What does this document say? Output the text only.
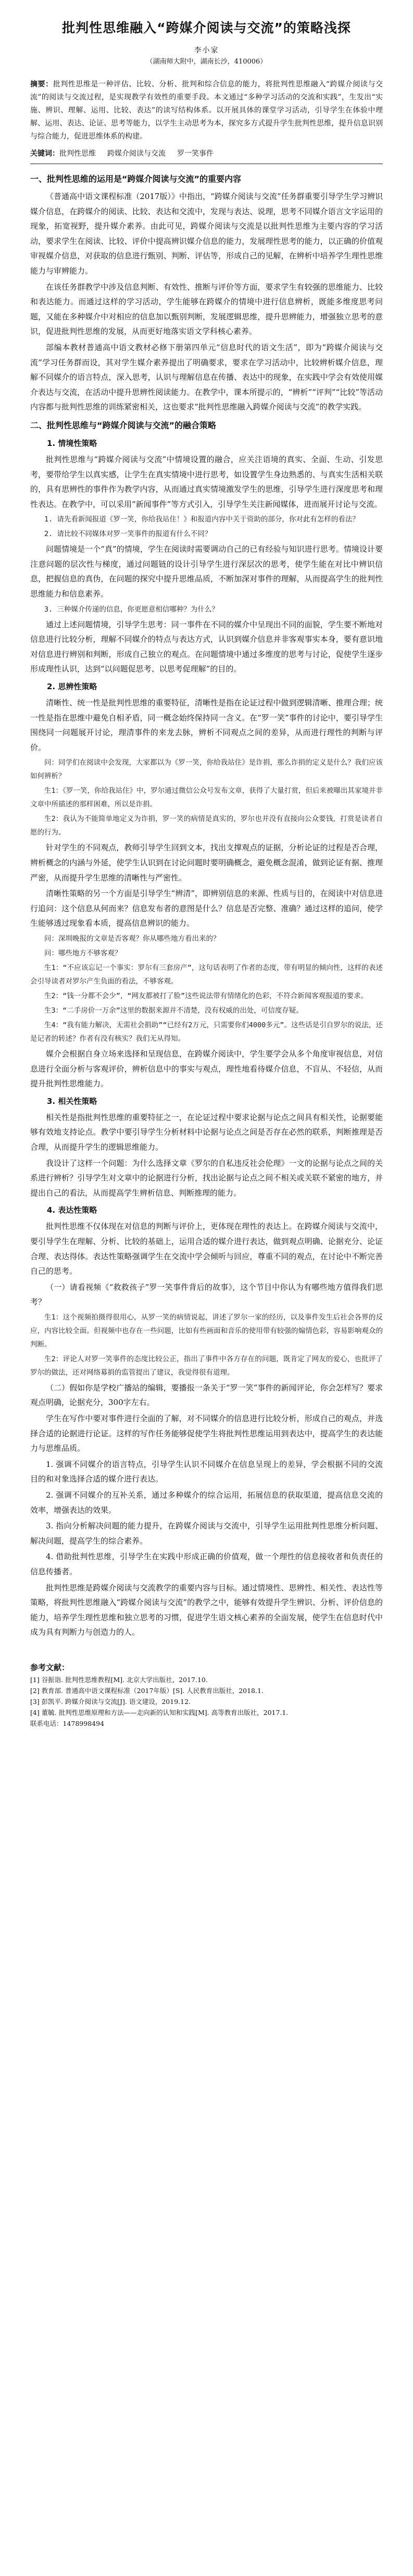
批判性思维融入“跨媒介阅读与交流”的策略浅探
李小家
（湖南师大附中，湖南长沙，410006）
摘要：批判性思维是一种评估、比较、分析、批判和综合信息的能力，将批判性思维融入“跨媒介阅读与交流”的阅读与交流过程，是实现教学有效性的重要手段。本文通过“多种学习活动的交流和实践”，生发出“实施、辨识、理解、运用、比较、表达”的读写结构体系。以开展具体的课堂学习活动，引导学生在体验中理解、运用、表达、论证、思考等能力，以学生主动思考为本，探究多方式提升学生批判性思维，提升信息识别与综合能力，促进思维体系的构建。
关键词：批判性思维 跨媒介阅读与交流 罗一笑事件
一、批判性思维的运用是“跨媒介阅读与交流”的重要内容

《普通高中语文课程标准（2017版）》中指出，“跨媒介阅读与交流”任务群重要引导学生学习辨识媒介信息，在跨媒介的阅读、比较、表达和交流中，发现与表达、说理，思考不同媒介语言文字运用的现象，拓宽视野，提升媒介素养。由此可见，跨媒介阅读与交流是以批判性思维为主要内容的学习活动，要求学生在阅读、比较、评价中提高辨识媒介信息的能力，发展理性思考的能力，以正确的价值观审视媒介信息，对获取的信息进行甄别、判断、评估等，形成自己的见解，在辨析中培养学生理性思维能力与审辨能力。

在该任务群教学中涉及信息判断、有效性、推断与评价等方面，要求学生有较强的思维能力、比较和表达能力。而通过这样的学习活动，学生能够在跨媒介的情境中进行信息辨析，既能多维度思考问题，又能在多种媒介中对相应的信息加以甄别判断，发展逻辑思维，提升思辨能力，增强独立思考的意识，促进批判性思维的发展，从而更好地落实语文学科核心素养。

部编本教材普通高中语文教材必修下册第四单元“信息时代的语文生活”，即为“跨媒介阅读与交流”学习任务群而设，其对学生媒介素养提出了明确要求，要求在学习活动中，比较辨析媒介信息，理解不同媒介的语言特点，深入思考，认识与理解信息在传播、表达中的现象，在实践中学会有效使用媒介表达与交流，在活动中提升思辨性阅读能力。在教学中，课本所提示的，“辨析”“评判”“比较”等活动内容都与批判性思维的训练紧密相关，这也要求“批判性思维融入跨媒介阅读与交流”的教学实践。

二、批判性思维与“跨媒介阅读与交流”的融合策略
1. 情境性策略

批判性思维与“跨媒介阅读与交流”中情境设置的融合，应关注语境的真实、全面、生动、引发思考，要带给学生以真实感，让学生在真实情境中进行思考，如设置学生身边熟悉的、与真实生活相关联的，具有思辨性的事件作为教学内容，从而通过真实情境激发学生的思维，引导学生进行深度思考和理性表达。在教学中，可以采用“新闻事件”等方式引入，引导学生关注新闻媒体，进而展开讨论与交流。

1. 请先看新闻报道《罗一笑，你给我站住！》和报道内容中关于资助的部分，你对此有怎样的看法？

2. 请比较不同媒体对罗一笑事件的报道有什么不同？

问题情境是一个“真”的情境，学生在阅读时需要调动自己的已有经验与知识进行思考。情境设计要注意问题的层次性与梯度，通过问题链的设计引导学生进行深层次的思考，使学生能在对比中辨识信息，把握信息的真伪，在问题的探究中提升思维品质，不断加深对事件的理解，从而提高学生的批判性思维能力和信息素养。

3. 三种媒介传递的信息，你更愿意相信哪种？为什么？

通过上述问题情境，引导学生思考：同一事件在不同的媒介中呈现出不同的面貌，学生要不断地对信息进行比较分析，理解不同媒介的特点与表达方式，认识到媒介信息并非客观事实本身，要有意识地对信息进行辨别和判断，形成自己独立的观点。在问题情境中通过多维度的思考与讨论，促使学生逐步形成理性认识，达到“以问题促思考、以思考促理解”的目的。

2. 思辨性策略

清晰性、统一性是批判性思维的重要特征，清晰性是指在论证过程中做到逻辑清晰、推理合理；统一性是指在思维中避免自相矛盾，同一概念始终保持同一含义。在“罗一笑”事件的讨论中，要引导学生围绕同一问题展开讨论，理清事件的来龙去脉，辨析不同观点之间的差异，从而进行理性的判断与评价。

问：同学们在阅读中会发现，大家都以为《罗一笑，你给我站住》是诈捐，那么诈捐的定义是什么？我们应该如何辨析？

生1：《罗一笑，你给我站住》中，罗尔通过微信公众号发布文章，获得了大量打赏，但后来被曝出其家境并非文章中所描述的那样困难，所以是诈捐。

生2：我认为不能简单地定义为诈捐，罗一笑的病情是真实的，罗尔也并没有直接向公众要钱，打赏是读者自愿的行为。

针对学生的不同观点，教师引导学生回到文本，找出支撑观点的证据，分析论证的过程是否合理，辨析概念的内涵与外延，使学生认识到在讨论问题时要明确概念，避免概念混淆，做到论证有据、推理严密，从而提升学生思维的清晰性与严密性。

清晰性策略的另一个方面是引导学生“辨清”，即辨别信息的来源、性质与目的，在阅读中对信息进行追问：这个信息从何而来？信息发布者的意图是什么？信息是否完整、准确？通过这样的追问，使学生能够透过现象看本质，提高信息辨识的能力。

问：深圳晚报的文章是否客观？你从哪些地方看出来的？

问：哪些地方不够客观？

生1：“不应该忘记一个事实：罗尔有三套房产”，这句话表明了作者的态度，带有明显的倾向性，这样的表述会引导读者对罗尔产生负面的看法，不够客观。

生2：“钱一分都不会少”，“网友都被打了脸”这些说法带有情绪化的色彩，不符合新闻客观报道的要求。

生3：“二手房价一万余”这里的数据来源并不清楚，没有权威的出处，可信度存疑。

生4：“我有能力解决，无需社会捐助”“已经有2万元，只需要你们4000多元”。这些话是引自罗尔的说法，还是记者的转述？作者有没有核实？我们无从得知。

媒介会根据自身立场来选择和呈现信息，在跨媒介阅读中，学生要学会从多个角度审视信息，对信息进行全面分析与客观评价，辨析信息中的事实与观点，理性地看待媒介信息，不盲从、不轻信，从而提升批判性思维能力。

3. 相关性策略

相关性是指批判性思维的重要特征之一，在论证过程中要求论据与论点之间具有相关性，论据要能够有效地支持论点。教学中要引导学生分析材料中论据与论点之间是否存在必然的联系，判断推理是否合理，从而提升学生的逻辑思维能力。

我设计了这样一个问题：为什么选择文章《罗尔的自私违反社会伦理》一文的论据与论点之间的关系进行辨析？引导学生对文章中的论据进行分析，找出论据与论点之间不相关或关联不紧密的地方，并提出自己的看法，从而提高学生辨析信息、判断推理的能力。

4. 表达性策略

批判性思维不仅体现在对信息的判断与评价上，更体现在理性的表达上。在跨媒介阅读与交流中，要引导学生在理解、分析、比较的基础上，运用合适的媒介进行表达，做到观点明确、论据充分、论证合理、表达得体。表达性策略强调学生在交流中学会倾听与回应，尊重不同的观点，在讨论中不断完善自己的思考。

（一）请看视频《“救救孩子”罗一笑事件背后的故事》，这个节目中你认为有哪些地方值得我们思考？

生1：这个视频拍摄得很用心，从罗一笑的病情说起，讲述了罗尔一家的经历，以及事件发生后社会各界的反应，内容比较全面。但视频中也存在一些问题，比如有些画面和音乐的使用带有较强的煽情色彩，容易影响观众的判断。

生2：评论人对罗一笑事件的态度比较公正，指出了事件中各方存在的问题，既肯定了网友的爱心，也批评了罗尔的做法，还对网络募捐的监管提出了建议，我觉得很有道理。

（二）假如你是学校广播站的编辑，要播报一条关于“罗一笑”事件的新闻评论，你会怎样写？要求观点明确，论据充分，300字左右。

学生在写作中要对事件进行全面的了解，对不同媒介的信息进行比较分析，形成自己的观点，并选择合适的论据进行论证。这样的写作任务能够促使学生将批判性思维运用到表达中，提高学生的表达能力与思维品质。

1. 强调不同媒介的语言特点，引导学生认识不同媒介在信息呈现上的差异，学会根据不同的交流目的和对象选择合适的媒介进行表达。

2. 强调不同媒介的互补关系，通过多种媒介的综合运用，拓展信息的获取渠道，提高信息交流的效率，增强表达的效果。

3. 指向分析解决问题的能力提升，在跨媒介阅读与交流中，引导学生运用批判性思维分析问题、解决问题，提高学生的综合素养。

4. 借助批判性思维，引导学生在实践中形成正确的价值观，做一个理性的信息接收者和负责任的信息传播者。

批判性思维是跨媒介阅读与交流教学的重要内容与目标。通过情境性、思辨性、相关性、表达性等策略，将批判性思维融入“跨媒介阅读与交流”的教学之中，能够有效提升学生辨识、分析、评价信息的能力，培养学生理性思维和独立思考的习惯，促进学生语文核心素养的全面发展，使学生在信息时代中成为具有判断力与创造力的人。

参考文献：
[1] 谷振诣. 批判性思维教程[M]. 北京大学出版社，2017.10.
[2] 教育部. 普通高中语文课程标准（2017年版）[S]. 人民教育出版社，2018.1.
[3] 彭凯平. 跨媒介阅读与交流[J]. 语文建设，2019.12.
[4] 董毓. 批判性思维原理和方法——走向新的认知和实践[M]. 高等教育出版社，2017.1.
联系电话：1478998494
